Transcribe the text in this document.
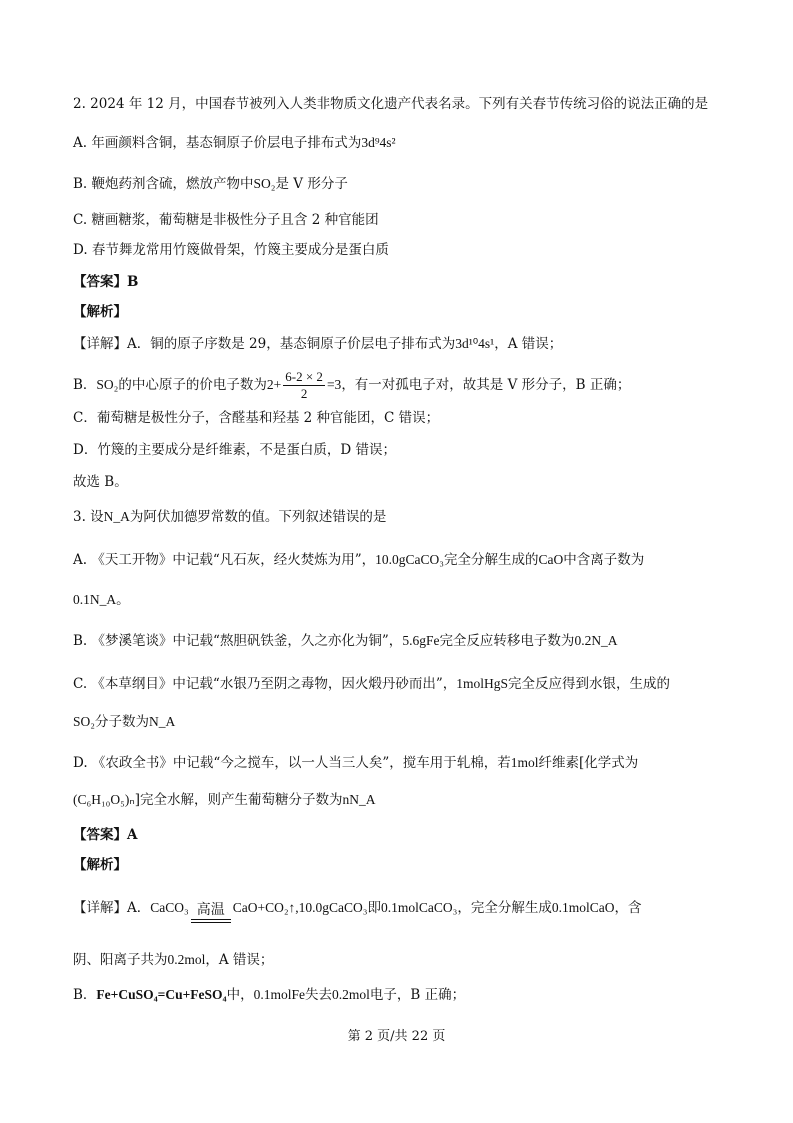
2. 2024 年 12 月，中国春节被列入人类非物质文化遗产代表名录。下列有关春节传统习俗的说法正确的是
A. 年画颜料含铜，基态铜原子价层电子排布式为3d⁹4s²
B. 鞭炮药剂含硫，燃放产物中SO₂是 V 形分子
C. 糖画糖浆，葡萄糖是非极性分子且含 2 种官能团
D. 春节舞龙常用竹篾做骨架，竹篾主要成分是蛋白质
【答案】B
【解析】
【详解】A．铜的原子序数是 29，基态铜原子价层电子排布式为3d¹⁰4s¹，A 错误；
B．SO₂的中心原子的价电子数为$2+ \frac{6-2 \times 2}{2} =3$，有一对孤电子对，故其是 V 形分子，B 正确；
C．葡萄糖是极性分子，含醛基和羟基 2 种官能团，C 错误；
D．竹篾的主要成分是纤维素，不是蛋白质，D 错误；
故选 B。
3. 设N_A为阿伏加德罗常数的值。下列叙述错误的是
A. 《天工开物》中记载“凡石灰，经火焚炼为用”，10.0gCaCO₃完全分解生成的CaO中含离子数为
0.1N_A。
B. 《梦溪笔谈》中记载“熬胆矾铁釜，久之亦化为铜”，5.6gFe完全反应转移电子数为0.2N_A
C. 《本草纲目》中记载“水银乃至阴之毒物，因火煅丹砂而出”，1molHgS完全反应得到水银，生成的
SO₂分子数为N_A
D. 《农政全书》中记载“今之搅车，以一人当三人矣”，搅车用于轧棉，若1mol纤维素[化学式为
(C₆H₁₀O₅)ₙ]完全水解，则产生葡萄糖分子数为nN_A
【答案】A
【解析】
【详解】A．CaCO₃ 高温 CaO+CO₂↑,10.0gCaCO₃即0.1molCaCO₃，完全分解生成0.1molCaO，含
阴、阳离子共为0.2mol，A 错误；
B．Fe+CuSO₄=Cu+FeSO₄中，0.1molFe失去0.2mol电子，B 正确；
第 2 页/共 22 页
